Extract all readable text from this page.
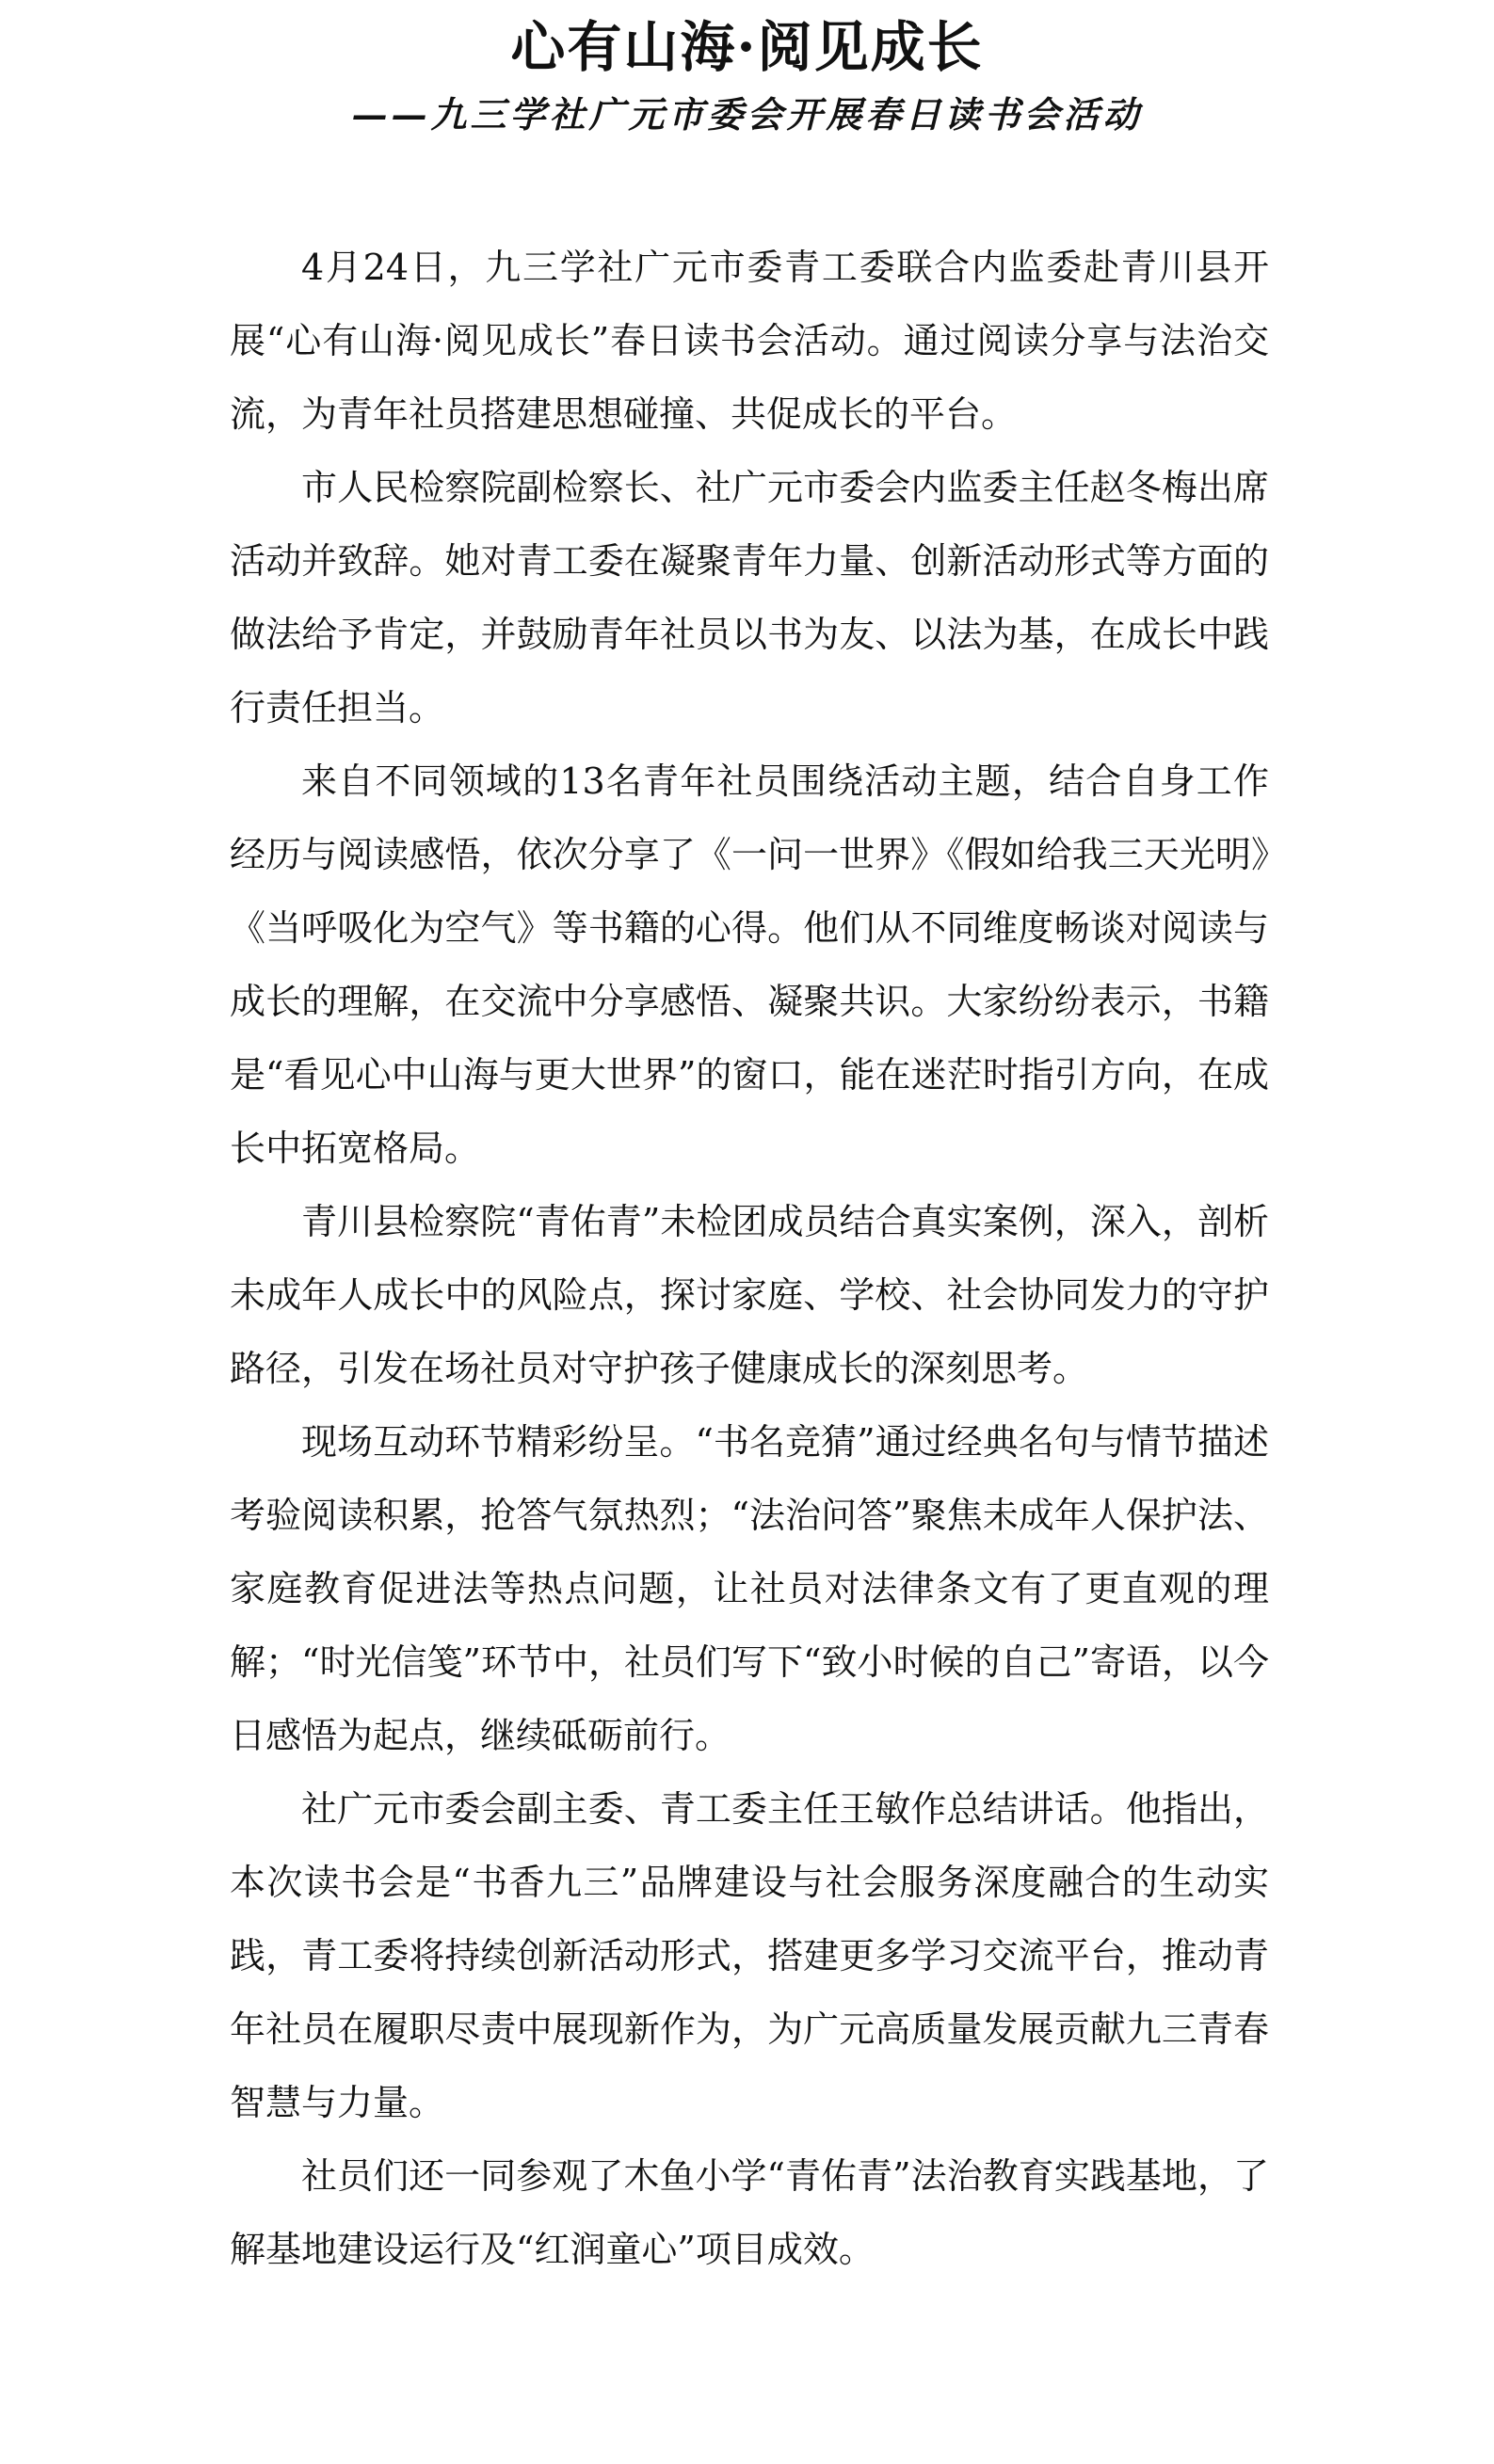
心有山海·阅见成长
——九三学社广元市委会开展春日读书会活动

4月24日，九三学社广元市委青工委联合内监委赴青川县开展“心有山海·阅见成长”春日读书会活动。通过阅读分享与法治交流，为青年社员搭建思想碰撞、共促成长的平台。

市人民检察院副检察长、社广元市委会内监委主任赵冬梅出席活动并致辞。她对青工委在凝聚青年力量、创新活动形式等方面的做法给予肯定，并鼓励青年社员以书为友、以法为基，在成长中践行责任担当。

来自不同领域的13名青年社员围绕活动主题，结合自身工作经历与阅读感悟，依次分享了《一问一世界》《假如给我三天光明》《当呼吸化为空气》等书籍的心得。他们从不同维度畅谈对阅读与成长的理解，在交流中分享感悟、凝聚共识。大家纷纷表示，书籍是“看见心中山海与更大世界”的窗口，能在迷茫时指引方向，在成长中拓宽格局。

青川县检察院“青佑青”未检团成员结合真实案例，深入，剖析未成年人成长中的风险点，探讨家庭、学校、社会协同发力的守护路径，引发在场社员对守护孩子健康成长的深刻思考。

现场互动环节精彩纷呈。“书名竞猜”通过经典名句与情节描述考验阅读积累，抢答气氛热烈；“法治问答”聚焦未成年人保护法、家庭教育促进法等热点问题，让社员对法律条文有了更直观的理解；“时光信笺”环节中，社员们写下“致小时候的自己”寄语，以今日感悟为起点，继续砥砺前行。

社广元市委会副主委、青工委主任王敏作总结讲话。他指出，本次读书会是“书香九三”品牌建设与社会服务深度融合的生动实践，青工委将持续创新活动形式，搭建更多学习交流平台，推动青年社员在履职尽责中展现新作为，为广元高质量发展贡献九三青春智慧与力量。

社员们还一同参观了木鱼小学“青佑青”法治教育实践基地，了解基地建设运行及“红润童心”项目成效。
